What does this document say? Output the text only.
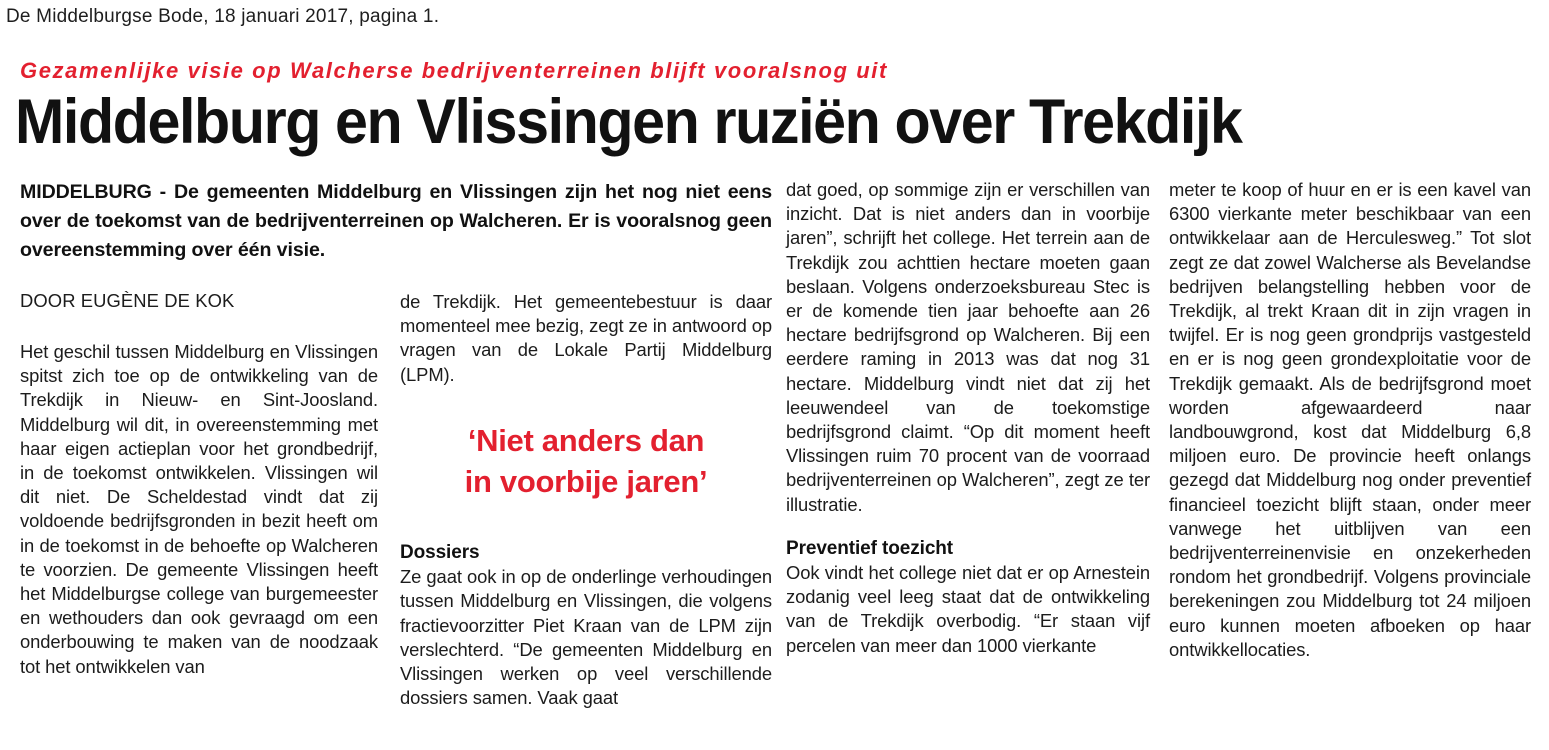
De Middelburgse Bode, 18 januari 2017, pagina 1.
Gezamenlijke visie op Walcherse bedrijventerreinen blijft vooralsnog uit
Middelburg en Vlissingen ruziën over Trekdijk
MIDDELBURG - De gemeenten Middelburg en Vlissingen zijn het nog niet eens over de toekomst van de bedrijventerreinen op Walcheren. Er is vooralsnog geen overeenstemming over één visie.
DOOR EUGÈNE DE KOK

Het geschil tussen Middelburg en Vlissingen spitst zich toe op de ontwikkeling van de Trekdijk in Nieuw- en Sint-Joosland. Middelburg wil dit, in overeenstemming met haar eigen actieplan voor het grondbedrijf, in de toekomst ontwikkelen. Vlissingen wil dit niet. De Scheldestad vindt dat zij voldoende bedrijfsgronden in bezit heeft om in de toekomst in de behoefte op Walcheren te voorzien. De gemeente Vlissingen heeft het Middelburgse college van burgemeester en wethouders dan ook gevraagd om een onderbouwing te maken van de noodzaak tot het ontwikkelen van

de Trekdijk. Het gemeentebestuur is daar momenteel mee bezig, zegt ze in antwoord op vragen van de Lokale Partij Middelburg (LPM).

‘Niet anders dan
in voorbije jaren’

Dossiers

Ze gaat ook in op de onderlinge verhoudingen tussen Middelburg en Vlissingen, die volgens fractievoorzitter Piet Kraan van de LPM zijn verslechterd. “De gemeenten Middelburg en Vlissingen werken op veel verschillende dossiers samen. Vaak gaat

dat goed, op sommige zijn er verschillen van inzicht. Dat is niet anders dan in voorbije jaren”, schrijft het college. Het terrein aan de Trekdijk zou achttien hectare moeten gaan beslaan. Volgens onderzoeksbureau Stec is er de komende tien jaar behoefte aan 26 hectare bedrijfsgrond op Walcheren. Bij een eerdere raming in 2013 was dat nog 31 hectare. Middelburg vindt niet dat zij het leeuwendeel van de toekomstige bedrijfsgrond claimt. “Op dit moment heeft Vlissingen ruim 70 procent van de voorraad bedrijventerreinen op Walcheren”, zegt ze ter illustratie.

Preventief toezicht

Ook vindt het college niet dat er op Arnestein zodanig veel leeg staat dat de ontwikkeling van de Trekdijk overbodig. “Er staan vijf percelen van meer dan 1000 vierkante

meter te koop of huur en er is een kavel van 6300 vierkante meter beschikbaar van een ontwikkelaar aan de Herculesweg.” Tot slot zegt ze dat zowel Walcherse als Bevelandse bedrijven belangstelling hebben voor de Trekdijk, al trekt Kraan dit in zijn vragen in twijfel. Er is nog geen grondprijs vastgesteld en er is nog geen grondexploitatie voor de Trekdijk gemaakt. Als de bedrijfsgrond moet worden afgewaardeerd naar landbouwgrond, kost dat Middelburg 6,8 miljoen euro. De provincie heeft onlangs gezegd dat Middelburg nog onder preventief financieel toezicht blijft staan, onder meer vanwege het uitblijven van een bedrijventerreinenvisie en onzekerheden rondom het grondbedrijf. Volgens provinciale berekeningen zou Middelburg tot 24 miljoen euro kunnen moeten afboeken op haar ontwikkellocaties.
